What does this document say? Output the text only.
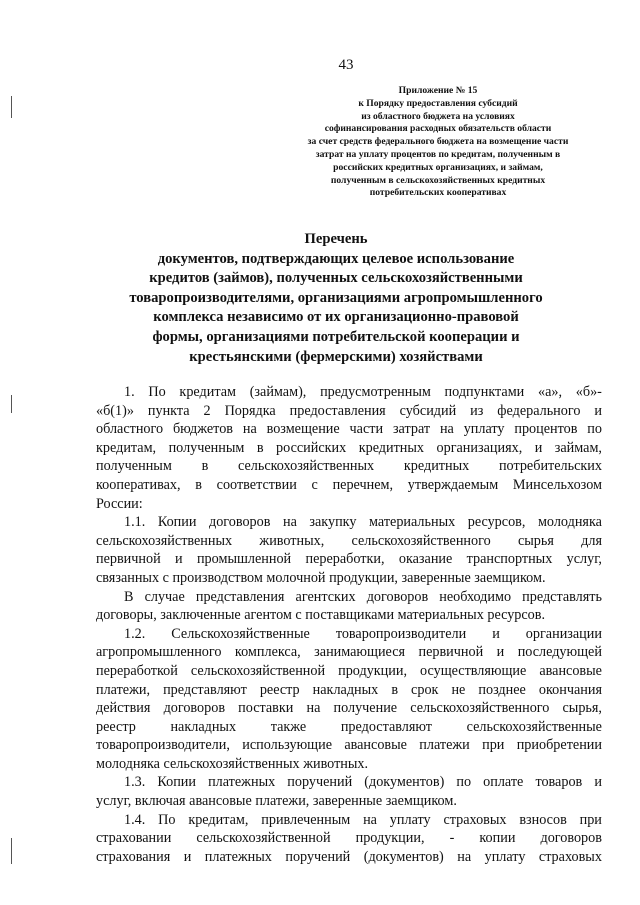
43
Приложение № 15
к Порядку предоставления субсидий
из областного бюджета на условиях
софинансирования расходных обязательств области
за счет средств федерального бюджета на возмещение части
затрат на уплату процентов по кредитам, полученным в
российских кредитных организациях, и займам,
полученным в сельскохозяйственных кредитных
потребительских кооперативах
Перечень
документов, подтверждающих целевое использование
кредитов (займов), полученных сельскохозяйственными
товаропроизводителями, организациями агропромышленного
комплекса независимо от их организационно-правовой
формы, организациями потребительской кооперации и
крестьянскими (фермерскими) хозяйствами
1. По кредитам (займам), предусмотренным подпунктами «а», «б»-
«б(1)» пункта 2 Порядка предоставления субсидий из федерального и
областного бюджетов на возмещение части затрат на уплату процентов по
кредитам, полученным в российских кредитных организациях, и займам,
полученным в сельскохозяйственных кредитных потребительских
кооперативах, в соответствии с перечнем, утверждаемым Минсельхозом
России:
1.1. Копии договоров на закупку материальных ресурсов, молодняка
сельскохозяйственных животных, сельскохозяйственного сырья для
первичной и промышленной переработки, оказание транспортных услуг,
связанных с производством молочной продукции, заверенные заемщиком.
В случае представления агентских договоров необходимо представлять
договоры, заключенные агентом с поставщиками материальных ресурсов.
1.2. Сельскохозяйственные товаропроизводители и организации
агропромышленного комплекса, занимающиеся первичной и последующей
переработкой сельскохозяйственной продукции, осуществляющие авансовые
платежи, представляют реестр накладных в срок не позднее окончания
действия договоров поставки на получение сельскохозяйственного сырья,
реестр накладных также предоставляют сельскохозяйственные
товаропроизводители, использующие авансовые платежи при приобретении
молодняка сельскохозяйственных животных.
1.3. Копии платежных поручений (документов) по оплате товаров и
услуг, включая авансовые платежи, заверенные заемщиком.
1.4. По кредитам, привлеченным на уплату страховых взносов при
страховании сельскохозяйственной продукции, - копии договоров
страхования и платежных поручений (документов) на уплату страховых
